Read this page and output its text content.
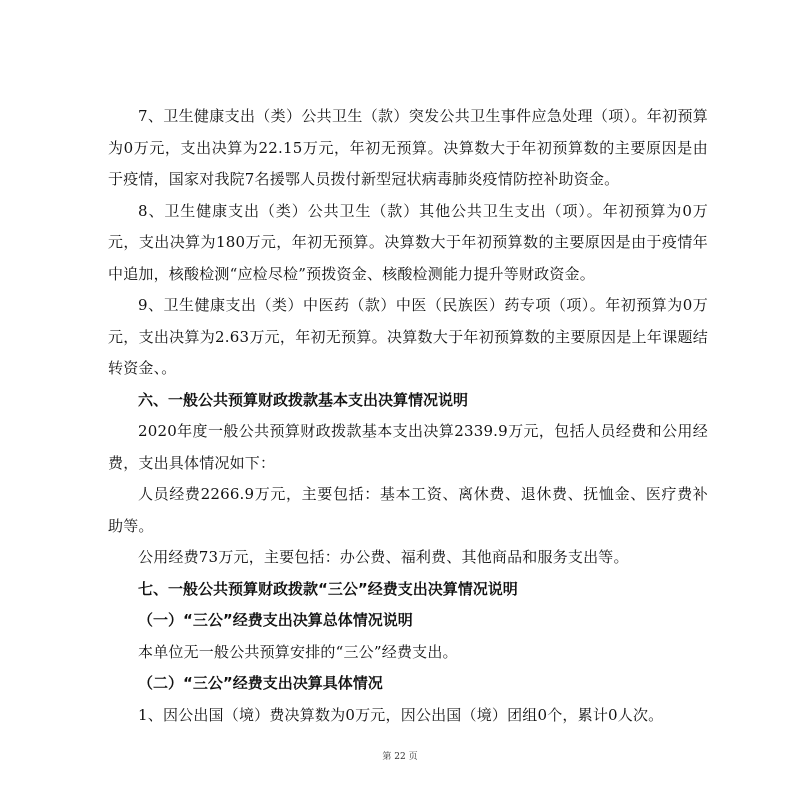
7、卫生健康支出（类）公共卫生（款）突发公共卫生事件应急处理（项）。年初预算为0万元，支出决算为22.15万元，年初无预算。决算数大于年初预算数的主要原因是由于疫情，国家对我院7名援鄂人员拨付新型冠状病毒肺炎疫情防控补助资金。

8、卫生健康支出（类）公共卫生（款）其他公共卫生支出（项）。年初预算为0万元，支出决算为180万元，年初无预算。决算数大于年初预算数的主要原因是由于疫情年中追加，核酸检测“应检尽检”预拨资金、核酸检测能力提升等财政资金。

9、卫生健康支出（类）中医药（款）中医（民族医）药专项（项）。年初预算为0万元，支出决算为2.63万元，年初无预算。决算数大于年初预算数的主要原因是上年课题结转资金、。

六、一般公共预算财政拨款基本支出决算情况说明

2020年度一般公共预算财政拨款基本支出决算2339.9万元，包括人员经费和公用经费，支出具体情况如下：

人员经费2266.9万元，主要包括：基本工资、离休费、退休费、抚恤金、医疗费补助等。

公用经费73万元，主要包括：办公费、福利费、其他商品和服务支出等。

七、一般公共预算财政拨款“三公”经费支出决算情况说明

（一）“三公”经费支出决算总体情况说明

本单位无一般公共预算安排的“三公”经费支出。

（二）“三公”经费支出决算具体情况

1、因公出国（境）费决算数为0万元，因公出国（境）团组0个，累计0人次。

第 22 页
